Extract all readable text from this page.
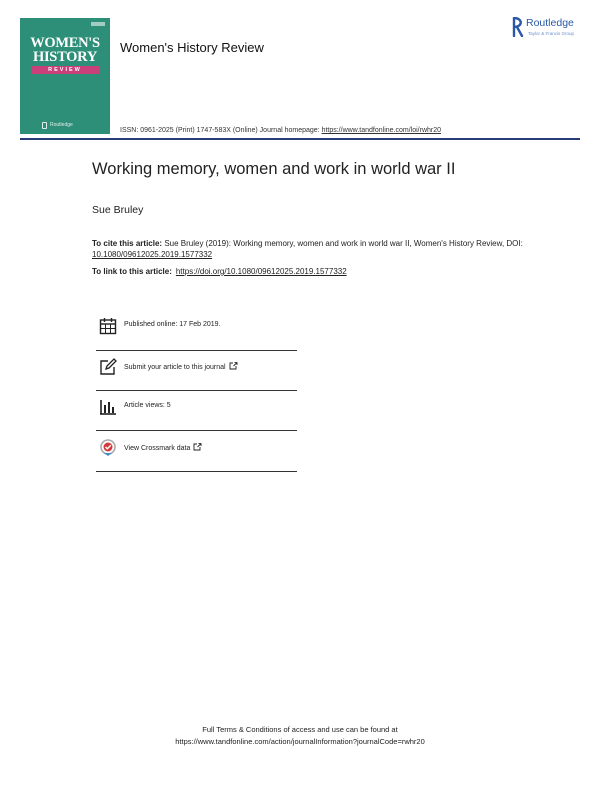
WOMEN'S HISTORY
REVIEW
Routledge
Women's History Review
Routledge
Taylor & Francis Group
ISSN: 0961-2025 (Print) 1747-583X (Online) Journal homepage: https://www.tandfonline.com/loi/rwhr20
Working memory, women and work in world war II
Sue Bruley
To cite this article: Sue Bruley (2019): Working memory, women and work in world war II, Women's History Review, DOI: 10.1080/09612025.2019.1577332
To link to this article: https://doi.org/10.1080/09612025.2019.1577332
Published online: 17 Feb 2019.
Submit your article to this journal
Article views: 5
View Crossmark data
Full Terms & Conditions of access and use can be found at
https://www.tandfonline.com/action/journalInformation?journalCode=rwhr20
